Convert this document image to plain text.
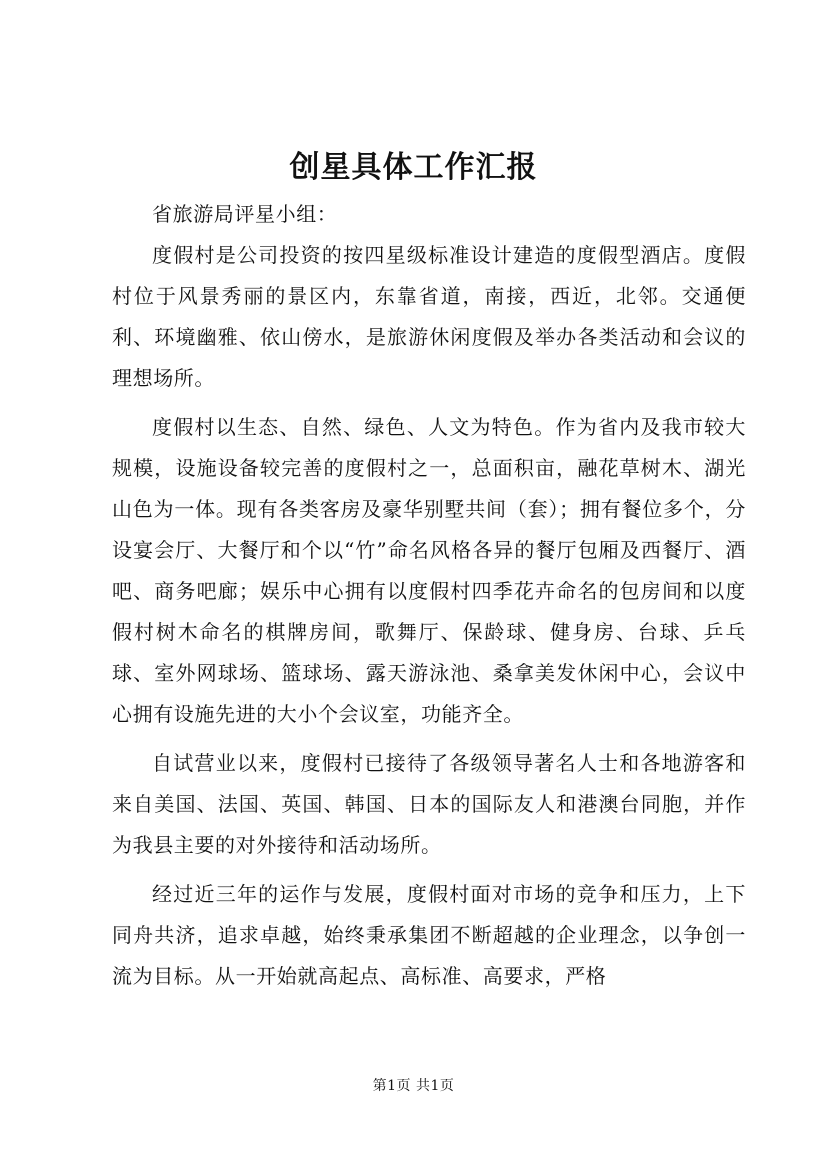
创星具体工作汇报

省旅游局评星小组：

度假村是公司投资的按四星级标准设计建造的度假型酒店。度假村位于风景秀丽的景区内，东靠省道，南接，西近，北邻。交通便利、环境幽雅、依山傍水，是旅游休闲度假及举办各类活动和会议的理想场所。

度假村以生态、自然、绿色、人文为特色。作为省内及我市较大规模，设施设备较完善的度假村之一，总面积亩，融花草树木、湖光山色为一体。现有各类客房及豪华别墅共间（套）；拥有餐位多个，分设宴会厅、大餐厅和个以“竹”命名风格各异的餐厅包厢及西餐厅、酒吧、商务吧廊；娱乐中心拥有以度假村四季花卉命名的包房间和以度假村树木命名的棋牌房间，歌舞厅、保龄球、健身房、台球、乒乓球、室外网球场、篮球场、露天游泳池、桑拿美发休闲中心，会议中心拥有设施先进的大小个会议室，功能齐全。

自试营业以来，度假村已接待了各级领导著名人士和各地游客和来自美国、法国、英国、韩国、日本的国际友人和港澳台同胞，并作为我县主要的对外接待和活动场所。

经过近三年的运作与发展，度假村面对市场的竞争和压力，上下同舟共济，追求卓越，始终秉承集团不断超越的企业理念，以争创一流为目标。从一开始就高起点、高标准、高要求，严格

第1页 共1页
